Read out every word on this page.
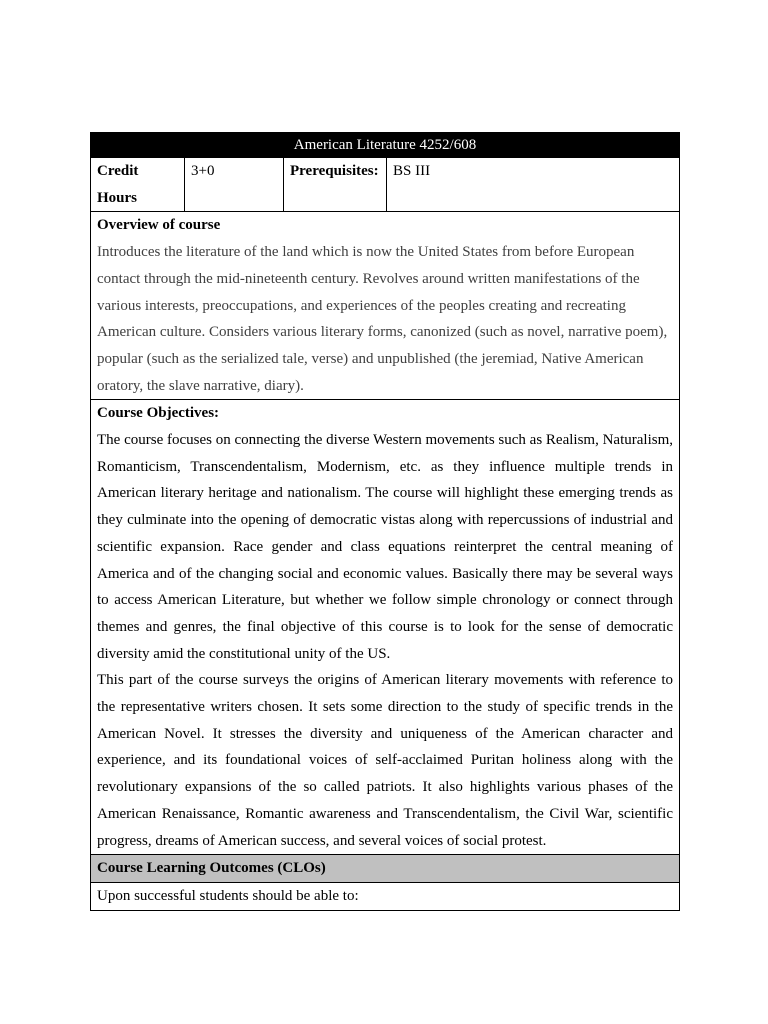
American Literature 4252/608
Credit Hours	3+0	Prerequisites:	BS III

Overview of course
Introduces the literature of the land which is now the United States from before European contact through the mid-nineteenth century. Revolves around written manifestations of the various interests, preoccupations, and experiences of the peoples creating and recreating American culture. Considers various literary forms, canonized (such as novel, narrative poem), popular (such as the serialized tale, verse) and unpublished (the jeremiad, Native American oratory, the slave narrative, diary).

Course Objectives:

The course focuses on connecting the diverse Western movements such as Realism, Naturalism, Romanticism, Transcendentalism, Modernism, etc. as they influence multiple trends in American literary heritage and nationalism. The course will highlight these emerging trends as they culminate into the opening of democratic vistas along with repercussions of industrial and scientific expansion. Race gender and class equations reinterpret the central meaning of America and of the changing social and economic values. Basically there may be several ways to access American Literature, but whether we follow simple chronology or connect through themes and genres, the final objective of this course is to look for the sense of democratic diversity amid the constitutional unity of the US.

This part of the course surveys the origins of American literary movements with reference to the representative writers chosen. It sets some direction to the study of specific trends in the American Novel. It stresses the diversity and uniqueness of the American character and experience, and its foundational voices of self-acclaimed Puritan holiness along with the revolutionary expansions of the so called patriots. It also highlights various phases of the American Renaissance, Romantic awareness and Transcendentalism, the Civil War, scientific progress, dreams of American success, and several voices of social protest.

Course Learning Outcomes (CLOs)
Upon successful students should be able to:
